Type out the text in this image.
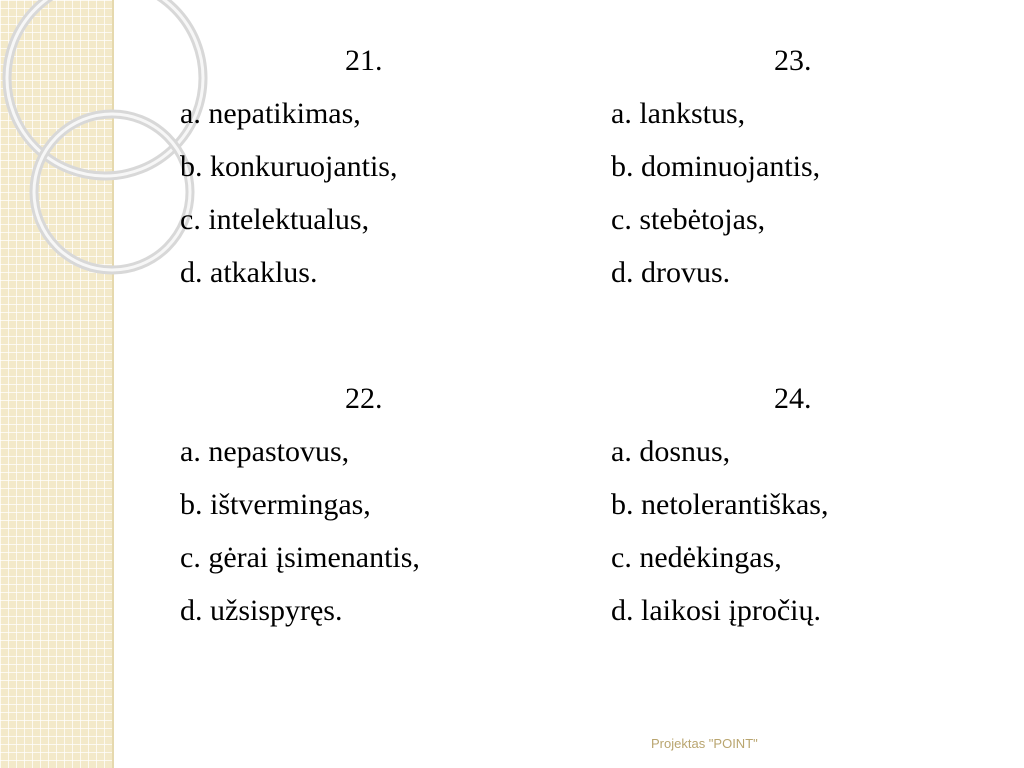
21.
a. nepatikimas,
b. konkuruojantis,
c. intelektualus,
d. atkaklus.
23.
a. lankstus,
b. dominuojantis,
c. stebėtojas,
d. drovus.
22.
a. nepastovus,
b. ištvermingas,
c. gėrai įsimenantis,
d. užsispyręs.
24.
a. dosnus,
b. netolerantiškas,
c. nedėkingas,
d. laikosi įpročių.
Projektas "POINT"
